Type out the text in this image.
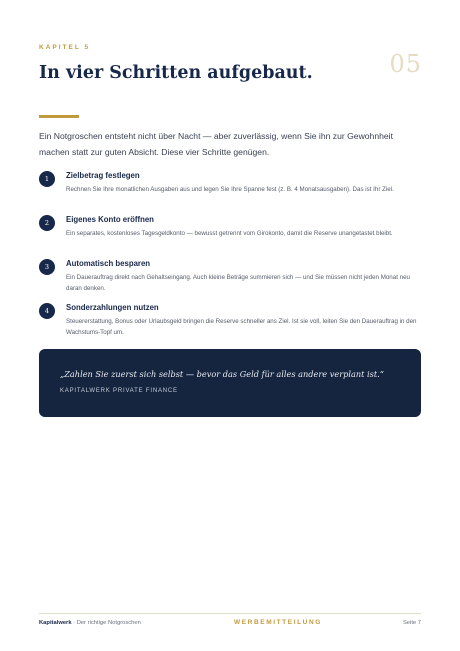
KAPITEL 5
05
In vier Schritten aufgebaut.

Ein Notgroschen entsteht nicht über Nacht — aber zuverlässig, wenn Sie ihn zur Gewohnheit machen statt zur guten Absicht. Diese vier Schritte genügen.

1	Zielbetrag festlegen
Rechnen Sie Ihre monatlichen Ausgaben aus und legen Sie Ihre Spanne fest (z. B. 4 Monatsausgaben). Das ist Ihr Ziel.
2	Eigenes Konto eröffnen
Ein separates, kostenloses Tagesgeldkonto — bewusst getrennt vom Girokonto, damit die Reserve unangetastet bleibt.
3	Automatisch besparen
Ein Dauerauftrag direkt nach Gehaltseingang. Auch kleine Beträge summieren sich — und Sie müssen nicht jeden Monat neu daran denken.
4	Sonderzahlungen nutzen
Steuererstattung, Bonus oder Urlaubsgeld bringen die Reserve schneller ans Ziel. Ist sie voll, leiten Sie den Dauerauftrag in den Wachstums-Topf um.
„Zahlen Sie zuerst sich selbst — bevor das Geld für alles andere verplant ist.“
KAPITALWERK PRIVATE FINANCE
Kapitalwerk · Der richtige Notgroschen	WERBEMITTEILUNG	Seite 7
